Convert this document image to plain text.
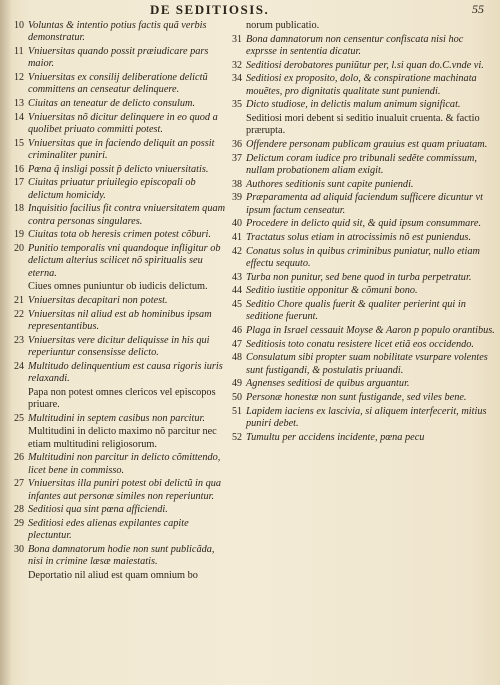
DE SEDITIOSIS.	55
10 Voluntas & intentio potius factis quã verbis demonstratur.
11 Vniuersitas quando possit præiudicare pars maior.
12 Vniuersitas ex consilij deliberatione delictũ committens an censeatur delinquere.
13 Ciuitas an teneatur de delicto consulum.
14 Vniuersitas nõ dicitur delinquere in eo quod a quolibet priuato committi potest.
15 Vniuersitas que in faciendo deliquit an possit criminaliter puniri.
16 Pœna q̃ insligi possit p̃ delicto vniuersitatis.
17 Ciuitas priuatur priuilegio episcopali ob delictum homicidy.
18 Inquisitio facilius fit contra vniuersitatem quam contra personas singulares.
19 Ciuitas tota ob heresis crimen potest cõburi.
20 Punitio temporalis vni quandoque infligitur ob delictum alterius scilicet nõ spiritualis seu eterna.
Ciues omnes puniuntur ob iudicis delictum.
21 Vniuersitas decapitari non potest.
22 Vniuersitas nil aliud est ab hominibus ipsam representantibus.
23 Vniuersitas vere dicitur deliquisse in his qui reperiuntur consensisse delicto.
24 Multitudo delinquentium est causa rigoris iuris relaxandi.
Papa non potest omnes clericos vel episcopos priuare.
25 Multitudini in septem casibus non parcitur.
Multitudini in delicto maximo nõ parcitur nec etiam multitudini religiosorum.
26 Multitudini non parcitur in delicto cõmittendo, licet bene in commisso.
27 Vniuersitas illa puniri potest obi delictũ in qua infantes aut personæ similes non reperiuntur.
28 Seditiosi qua sint pœna afficiendi.
29 Seditiosi edes alienas expilantes capite plectuntur.
30 Bona damnatorum hodie non sunt publicãda, nisi in crimine læsæ maiestatis.
Deportatio nil aliud est quam omnium bo
norum publicatio.
31 Bona damnatorum non censentur confiscata nisi hoc exprsse in sententia dicatur.
32 Seditiosi derobatores puniũtur per, l.si quan do.C.vnde vi.
34 Seditiosi ex proposito, dolo, & conspiratione machinata mouẽtes, pro dignitatis qualitate sunt puniendi.
35 Dicto studiose, in delictis malum animum significat.
Seditiosi mori debent si seditio inualuit cruenta. & factio prærupta.
36 Offendere personam publicam grauius est quam priuatam.
37 Delictum coram iudice pro tribunali sedẽte commissum, nullam probationem aliam exigit.
38 Authores seditionis sunt capite puniendi.
39 Præparamenta ad aliquid faciendum sufficere dicuntur vt ipsum factum censeatur.
40 Procedere in delicto quid sit, & quid ipsum consummare.
41 Tractatus solus etiam in atrocissimis nõ est puniendus.
42 Conatus solus in quibus criminibus puniatur, nullo etiam effectu sequuto.
43 Turba non punitur, sed bene quod in turba perpetratur.
44 Seditio iustitie opponitur & cõmuni bono.
45 Seditio Chore qualis fuerit & qualiter perierint qui in seditione fuerunt.
46 Plaga in Israel cessauit Moyse & Aaron p populo orantibus.
47 Seditiosis toto conatu resistere licet etiã eos occidendo.
48 Consulatum sibi propter suam nobilitate vsurpare volentes sunt fustigandi, & postulatis priuandi.
49 Agnenses seditiosi de quibus arguantur.
50 Personæ honestæ non sunt fustigande, sed viles bene.
51 Lapidem iaciens ex lascivia, si aliquem interfecerit, mitius puniri debet.
52 Tumultu per accidens incidente, pœna pecu
